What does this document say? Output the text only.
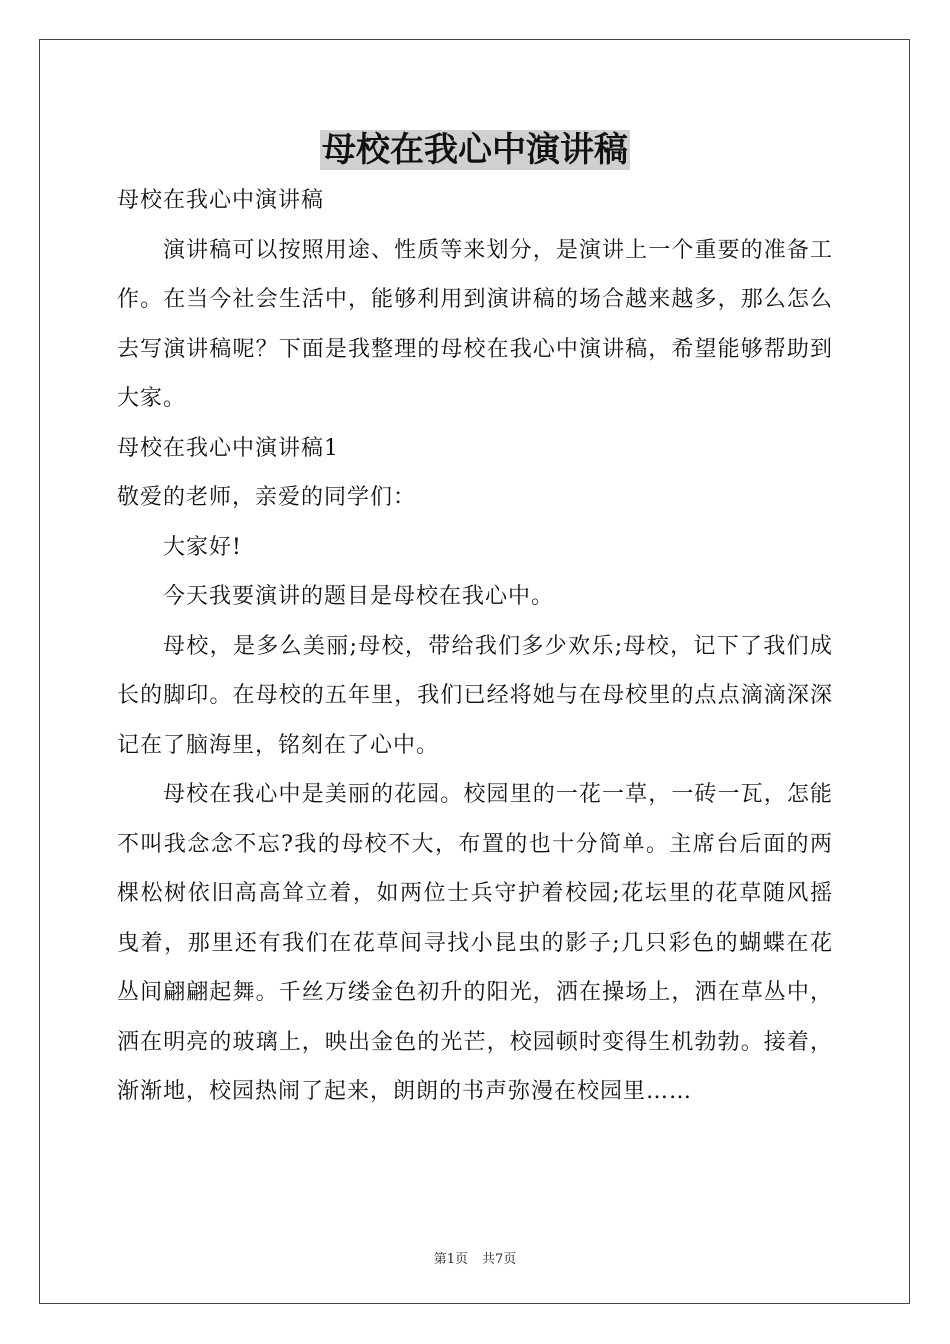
母校在我心中演讲稿

母校在我心中演讲稿

演讲稿可以按照用途、性质等来划分，是演讲上一个重要的准备工作。在当今社会生活中，能够利用到演讲稿的场合越来越多，那么怎么去写演讲稿呢？下面是我整理的母校在我心中演讲稿，希望能够帮助到大家。

母校在我心中演讲稿1

敬爱的老师，亲爱的同学们：

大家好!

今天我要演讲的题目是母校在我心中。

母校，是多么美丽;母校，带给我们多少欢乐;母校，记下了我们成长的脚印。在母校的五年里，我们已经将她与在母校里的点点滴滴深深记在了脑海里，铭刻在了心中。

母校在我心中是美丽的花园。校园里的一花一草，一砖一瓦，怎能不叫我念念不忘?我的母校不大，布置的也十分简单。主席台后面的两棵松树依旧高高耸立着，如两位士兵守护着校园;花坛里的花草随风摇曳着，那里还有我们在花草间寻找小昆虫的影子;几只彩色的蝴蝶在花丛间翩翩起舞。千丝万缕金色初升的阳光，洒在操场上，洒在草丛中，洒在明亮的玻璃上，映出金色的光芒，校园顿时变得生机勃勃。接着，渐渐地，校园热闹了起来，朗朗的书声弥漫在校园里……

第1页 共7页
